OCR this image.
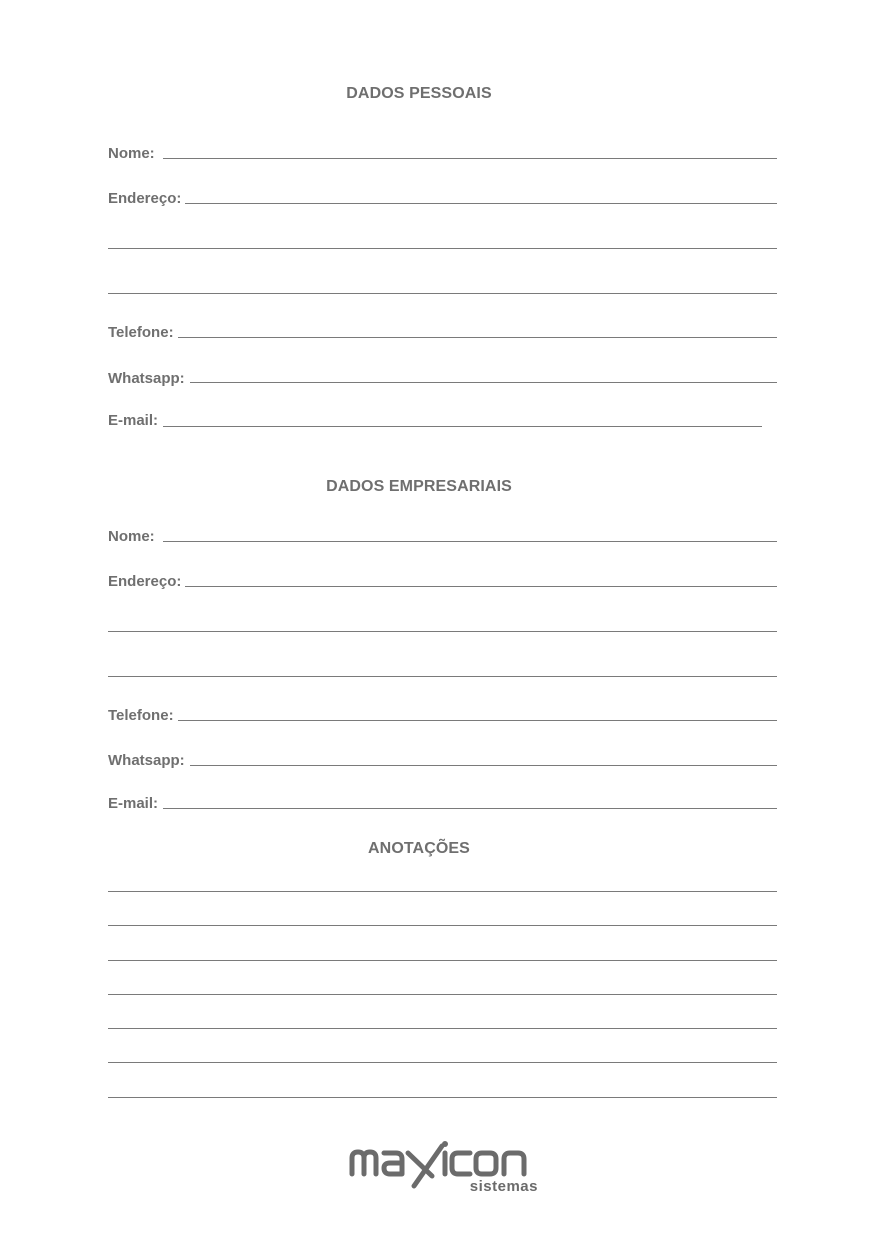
DADOS PESSOAIS
Nome:
Endereço:
Telefone:
Whatsapp:
E-mail:
DADOS EMPRESARIAIS
Nome:
Endereço:
Telefone:
Whatsapp:
E-mail:
ANOTAÇÕES
sistemas
